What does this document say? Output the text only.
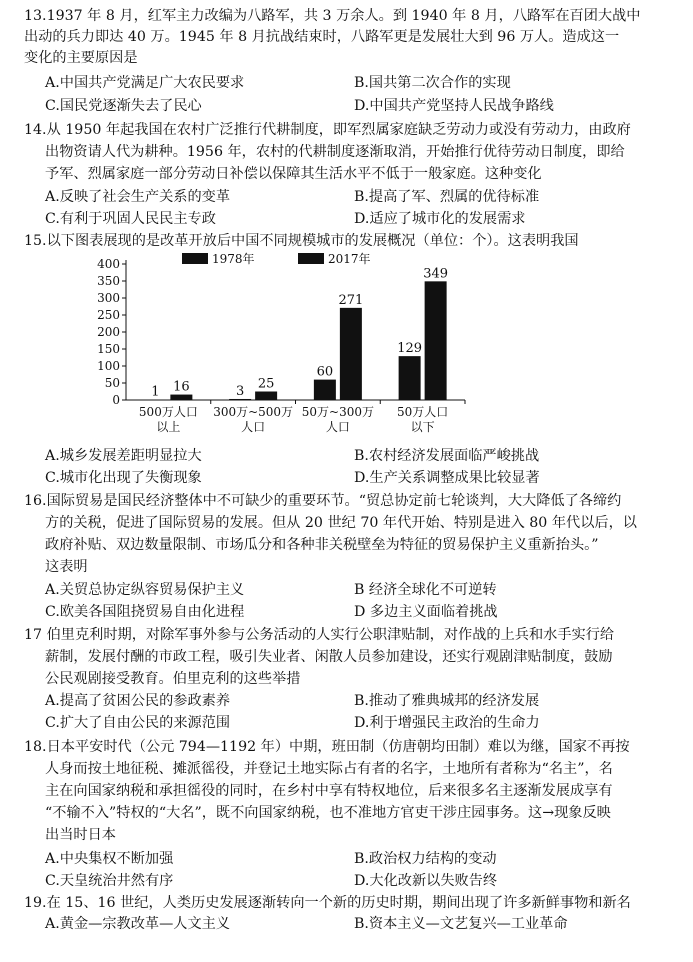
13.1937 年 8 月，红军主力改编为八路军，共 3 万余人。到 1940 年 8 月，八路军在百团大战中
出动的兵力即达 40 万。1945 年 8 月抗战结束时，八路军更是发展壮大到 96 万人。造成这一
变化的主要原因是
A.中国共产党满足广大农民要求	B.国共第二次合作的实现
C.国民党逐渐失去了民心	D.中国共产党坚持人民战争路线
14.从 1950 年起我国在农村广泛推行代耕制度，即军烈属家庭缺乏劳动力或没有劳动力，由政府
出物资请人代为耕种。1956 年，农村的代耕制度逐渐取消，开始推行优待劳动日制度，即给
予军、烈属家庭一部分劳动日补偿以保障其生活水平不低于一般家庭。这种变化
A.反映了社会生产关系的变革	B.提高了军、烈属的优待标准
C.有利于巩固人民民主专政	D.适应了城市化的发展需求
15.以下图表展现的是改革开放后中国不同规模城市的发展概况（单位：个）。这表明我国
0
50
100
150
200
250
300
350
400
1 16	3 25
60
271
129
349
500万人口
以上
300万~500万
人口
50万~300万
人口
50万人口
以下
1978年	2017年
A.城乡发展差距明显拉大	B.农村经济发展面临严峻挑战
C.城市化出现了失衡现象	D.生产关系调整成果比较显著
16.国际贸易是国民经济整体中不可缺少的重要环节。“贸总协定前七轮谈判，大大降低了各缔约
方的关税，促进了国际贸易的发展。但从 20 世纪 70 年代开始、特别是进入 80 年代以后，以
政府补贴、双边数量限制、市场瓜分和各种非关税壁垒为特征的贸易保护主义重新抬头。”
这表明
A.关贸总协定纵容贸易保护主义	B 经济全球化不可逆转
C.欧美各国阻挠贸易自由化进程	D 多边主义面临着挑战
17 伯里克利时期，对除军事外参与公务活动的人实行公职津贴制，对作战的上兵和水手实行给
薪制，发展付酬的市政工程，吸引失业者、闲散人员参加建设，还实行观剧津贴制度，鼓励
公民观剧接受教育。伯里克利的这些举措
A.提高了贫困公民的参政素养	B.推动了雅典城邦的经济发展
C.扩大了自由公民的来源范围	D.利于增强民主政治的生命力
18.日本平安时代（公元 794—1192 年）中期，班田制（仿唐朝均田制）难以为继，国家不再按
人身而按土地征税、摊派徭役，并登记土地实际占有者的名字，土地所有者称为“名主”，名
主在向国家纳税和承担徭役的同时，在乡村中享有特权地位，后来很多名主逐渐发展成享有
“不输不入”特权的“大名”，既不向国家纳税，也不准地方官吏干涉庄园事务。这→现象反映
出当时日本
A.中央集权不断加强	B.政治权力结构的变动
C.天皇统治井然有序	D.大化改新以失败告终
19.在 15、16 世纪，人类历史发展逐渐转向一个新的历史时期，期间出现了许多新鲜事物和新名
A.黄金—宗教改革—人文主义	B.资本主义—文艺复兴—工业革命
